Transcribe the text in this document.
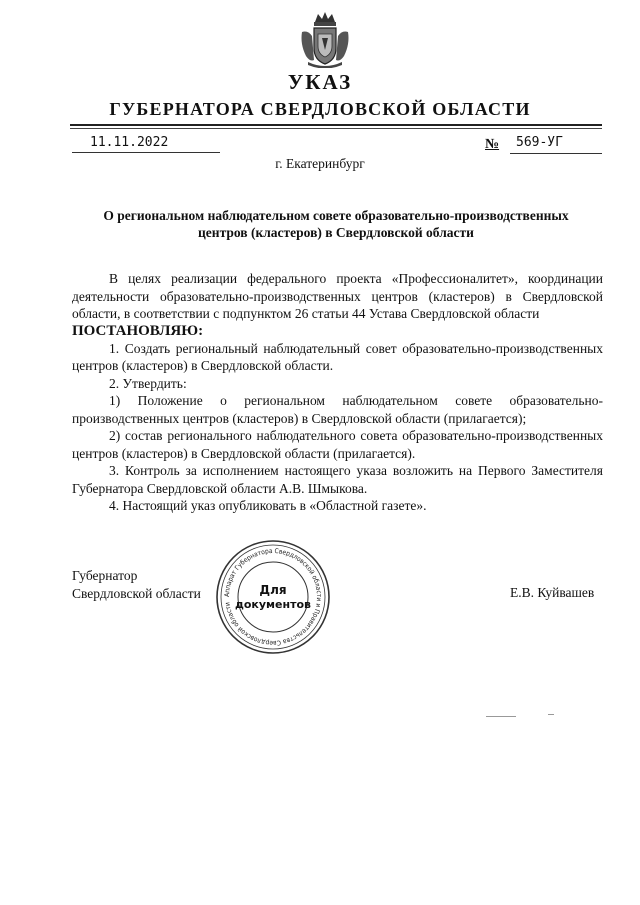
УКАЗ
ГУБЕРНАТОРА СВЕРДЛОВСКОЙ ОБЛАСТИ
11.11.2022	№ 569-УГ
г. Екатеринбург
О региональном наблюдательном совете образовательно-производственных
центров (кластеров) в Свердловской области

В целях реализации федерального проекта «Профессионалитет», координации деятельности образовательно-производственных центров (кластеров) в Свердловской области, в соответствии с подпунктом 26 статьи 44 Устава Свердловской области

ПОСТАНОВЛЯЮ:

1. Создать региональный наблюдательный совет образовательно-производственных центров (кластеров) в Свердловской области.

2. Утвердить:

1) Положение о региональном наблюдательном совете образовательно-производственных центров (кластеров) в Свердловской области (прилагается);

2) состав регионального наблюдательного совета образовательно-производственных центров (кластеров) в Свердловской области (прилагается).

3. Контроль за исполнением настоящего указа возложить на Первого Заместителя Губернатора Свердловской области А.В. Шмыкова.

4. Настоящий указ опубликовать в «Областной газете».

Губернатор
Свердловской области	Е.В. Куйвашев
Аппарат Губернатора Свердловской области и Правительства Свердловской области
Для
документов
